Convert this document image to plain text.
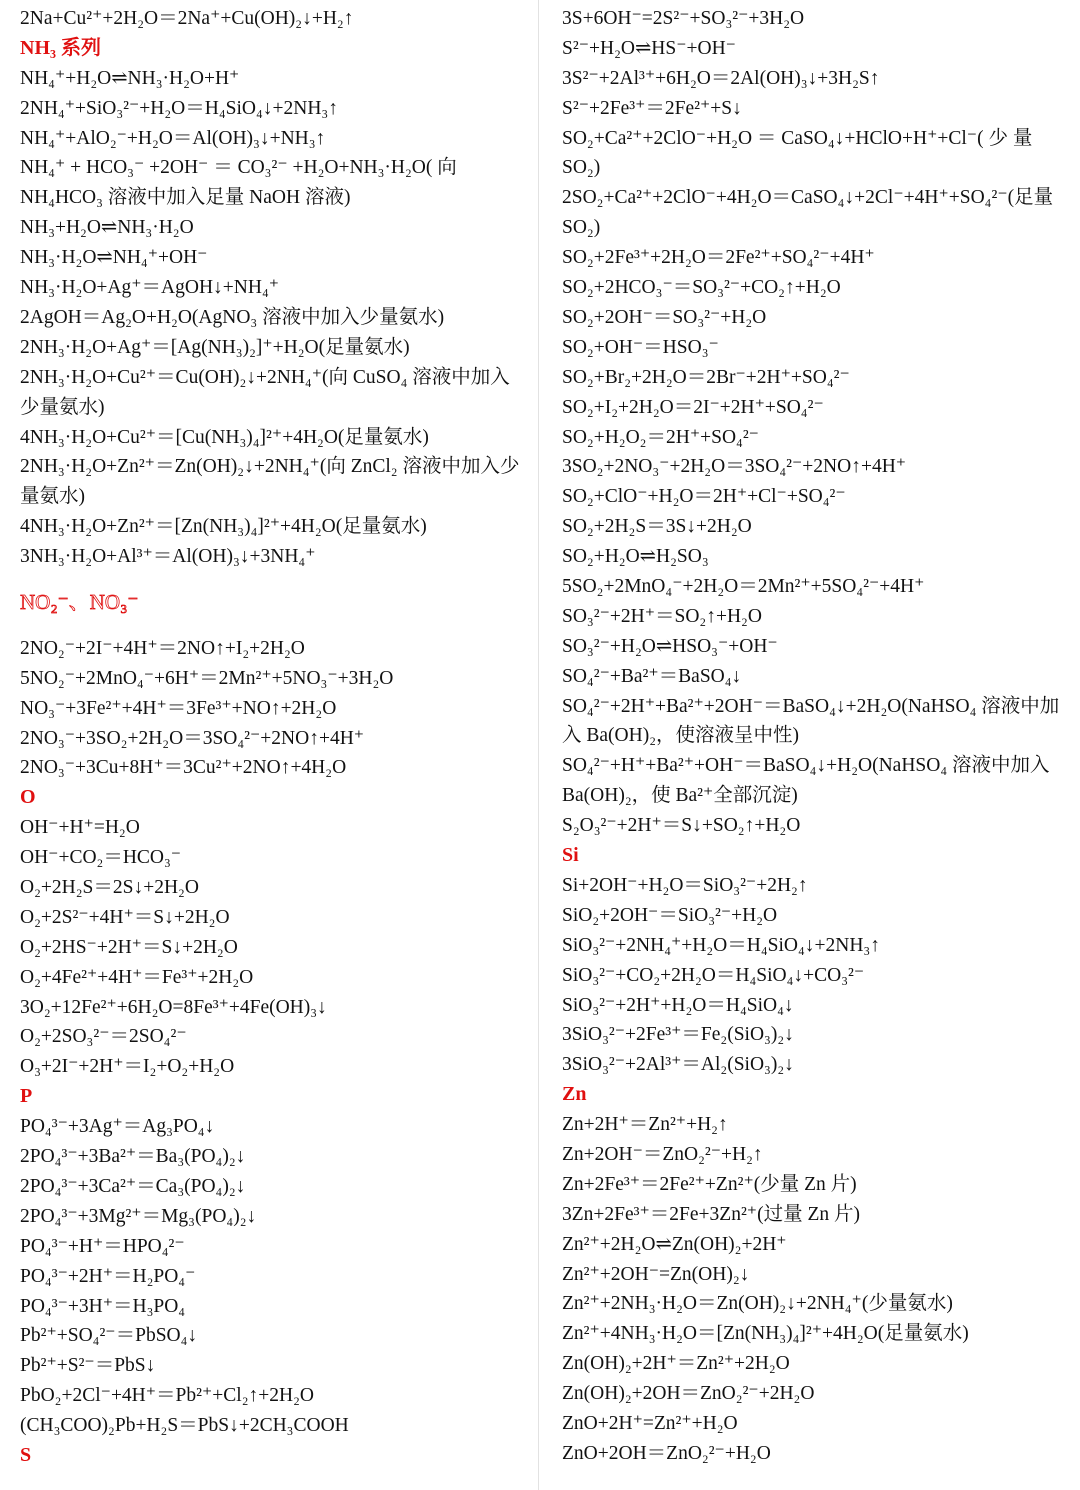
2Na+Cu²⁺+2H₂O＝2Na⁺+Cu(OH)₂↓+H₂↑
NH₃ 系列
NH₄⁺+H₂O⇌NH₃·H₂O+H⁺
2NH₄⁺+SiO₃²⁻+H₂O＝H₄SiO₄↓+2NH₃↑
NH₄⁺+AlO₂⁻+H₂O＝Al(OH)₃↓+NH₃↑
NH₄⁺ + HCO₃⁻ +2OH⁻ ＝ CO₃²⁻ +H₂O+NH₃·H₂O( 向 NH₄HCO₃ 溶液中加入足量 NaOH 溶液)
NH₃+H₂O⇌NH₃·H₂O
NH₃·H₂O⇌NH₄⁺+OH⁻
NH₃·H₂O+Ag⁺＝AgOH↓+NH₄⁺
2AgOH＝Ag₂O+H₂O(AgNO₃ 溶液中加入少量氨水)
2NH₃·H₂O+Ag⁺＝[Ag(NH₃)₂]⁺+H₂O(足量氨水)
2NH₃·H₂O+Cu²⁺＝Cu(OH)₂↓+2NH₄⁺(向 CuSO₄ 溶液中加入少量氨水)
4NH₃·H₂O+Cu²⁺＝[Cu(NH₃)₄]²⁺+4H₂O(足量氨水)
2NH₃·H₂O+Zn²⁺＝Zn(OH)₂↓+2NH₄⁺(向 ZnCl₂ 溶液中加入少量氨水)
4NH₃·H₂O+Zn²⁺＝[Zn(NH₃)₄]²⁺+4H₂O(足量氨水)
3NH₃·H₂O+Al³⁺＝Al(OH)₃↓+3NH₄⁺
NO₂⁻、NO₃⁻
2NO₂⁻+2I⁻+4H⁺＝2NO↑+I₂+2H₂O
5NO₂⁻+2MnO₄⁻+6H⁺＝2Mn²⁺+5NO₃⁻+3H₂O
NO₃⁻+3Fe²⁺+4H⁺＝3Fe³⁺+NO↑+2H₂O
2NO₃⁻+3SO₂+2H₂O＝3SO₄²⁻+2NO↑+4H⁺
2NO₃⁻+3Cu+8H⁺＝3Cu²⁺+2NO↑+4H₂O
O
OH⁻+H⁺=H₂O
OH⁻+CO₂＝HCO₃⁻
O₂+2H₂S＝2S↓+2H₂O
O₂+2S²⁻+4H⁺＝S↓+2H₂O
O₂+2HS⁻+2H⁺＝S↓+2H₂O
O₂+4Fe²⁺+4H⁺＝Fe³⁺+2H₂O
3O₂+12Fe²⁺+6H₂O=8Fe³⁺+4Fe(OH)₃↓
O₂+2SO₃²⁻＝2SO₄²⁻
O₃+2I⁻+2H⁺＝I₂+O₂+H₂O
P
PO₄³⁻+3Ag⁺＝Ag₃PO₄↓
2PO₄³⁻+3Ba²⁺＝Ba₃(PO₄)₂↓
2PO₄³⁻+3Ca²⁺＝Ca₃(PO₄)₂↓
2PO₄³⁻+3Mg²⁺＝Mg₃(PO₄)₂↓
PO₄³⁻+H⁺＝HPO₄²⁻
PO₄³⁻+2H⁺＝H₂PO₄⁻
PO₄³⁻+3H⁺＝H₃PO₄
Pb²⁺+SO₄²⁻＝PbSO₄↓
Pb²⁺+S²⁻＝PbS↓
PbO₂+2Cl⁻+4H⁺＝Pb²⁺+Cl₂↑+2H₂O
(CH₃COO)₂Pb+H₂S＝PbS↓+2CH₃COOH
S
3S+6OH⁻=2S²⁻+SO₃²⁻+3H₂O
S²⁻+H₂O⇌HS⁻+OH⁻
3S²⁻+2Al³⁺+6H₂O＝2Al(OH)₃↓+3H₂S↑
S²⁻+2Fe³⁺＝2Fe²⁺+S↓
SO₂+Ca²⁺+2ClO⁻+H₂O ＝ CaSO₄↓+HClO+H⁺+Cl⁻( 少 量 SO₂)
2SO₂+Ca²⁺+2ClO⁻+4H₂O＝CaSO₄↓+2Cl⁻+4H⁺+SO₄²⁻(足量 SO₂)
SO₂+2Fe³⁺+2H₂O＝2Fe²⁺+SO₄²⁻+4H⁺
SO₂+2HCO₃⁻＝SO₃²⁻+CO₂↑+H₂O
SO₂+2OH⁻＝SO₃²⁻+H₂O
SO₂+OH⁻＝HSO₃⁻
SO₂+Br₂+2H₂O＝2Br⁻+2H⁺+SO₄²⁻
SO₂+I₂+2H₂O＝2I⁻+2H⁺+SO₄²⁻
SO₂+H₂O₂＝2H⁺+SO₄²⁻
3SO₂+2NO₃⁻+2H₂O＝3SO₄²⁻+2NO↑+4H⁺
SO₂+ClO⁻+H₂O＝2H⁺+Cl⁻+SO₄²⁻
SO₂+2H₂S＝3S↓+2H₂O
SO₂+H₂O⇌H₂SO₃
5SO₂+2MnO₄⁻+2H₂O＝2Mn²⁺+5SO₄²⁻+4H⁺
SO₃²⁻+2H⁺＝SO₂↑+H₂O
SO₃²⁻+H₂O⇌HSO₃⁻+OH⁻
SO₄²⁻+Ba²⁺＝BaSO₄↓
SO₄²⁻+2H⁺+Ba²⁺+2OH⁻＝BaSO₄↓+2H₂O(NaHSO₄ 溶液中加入 Ba(OH)₂，使溶液呈中性)
SO₄²⁻+H⁺+Ba²⁺+OH⁻＝BaSO₄↓+H₂O(NaHSO₄ 溶液中加入 Ba(OH)₂，使 Ba²⁺全部沉淀)
S₂O₃²⁻+2H⁺＝S↓+SO₂↑+H₂O
Si
Si+2OH⁻+H₂O＝SiO₃²⁻+2H₂↑
SiO₂+2OH⁻＝SiO₃²⁻+H₂O
SiO₃²⁻+2NH₄⁺+H₂O＝H₄SiO₄↓+2NH₃↑
SiO₃²⁻+CO₂+2H₂O＝H₄SiO₄↓+CO₃²⁻
SiO₃²⁻+2H⁺+H₂O＝H₄SiO₄↓
3SiO₃²⁻+2Fe³⁺＝Fe₂(SiO₃)₂↓
3SiO₃²⁻+2Al³⁺＝Al₂(SiO₃)₂↓
Zn
Zn+2H⁺＝Zn²⁺+H₂↑
Zn+2OH⁻＝ZnO₂²⁻+H₂↑
Zn+2Fe³⁺＝2Fe²⁺+Zn²⁺(少量 Zn 片)
3Zn+2Fe³⁺＝2Fe+3Zn²⁺(过量 Zn 片)
Zn²⁺+2H₂O⇌Zn(OH)₂+2H⁺
Zn²⁺+2OH⁻=Zn(OH)₂↓
Zn²⁺+2NH₃·H₂O＝Zn(OH)₂↓+2NH₄⁺(少量氨水)
Zn²⁺+4NH₃·H₂O＝[Zn(NH₃)₄]²⁺+4H₂O(足量氨水)
Zn(OH)₂+2H⁺＝Zn²⁺+2H₂O
Zn(OH)₂+2OH＝ZnO₂²⁻+2H₂O
ZnO+2H⁺=Zn²⁺+H₂O
ZnO+2OH＝ZnO₂²⁻+H₂O
